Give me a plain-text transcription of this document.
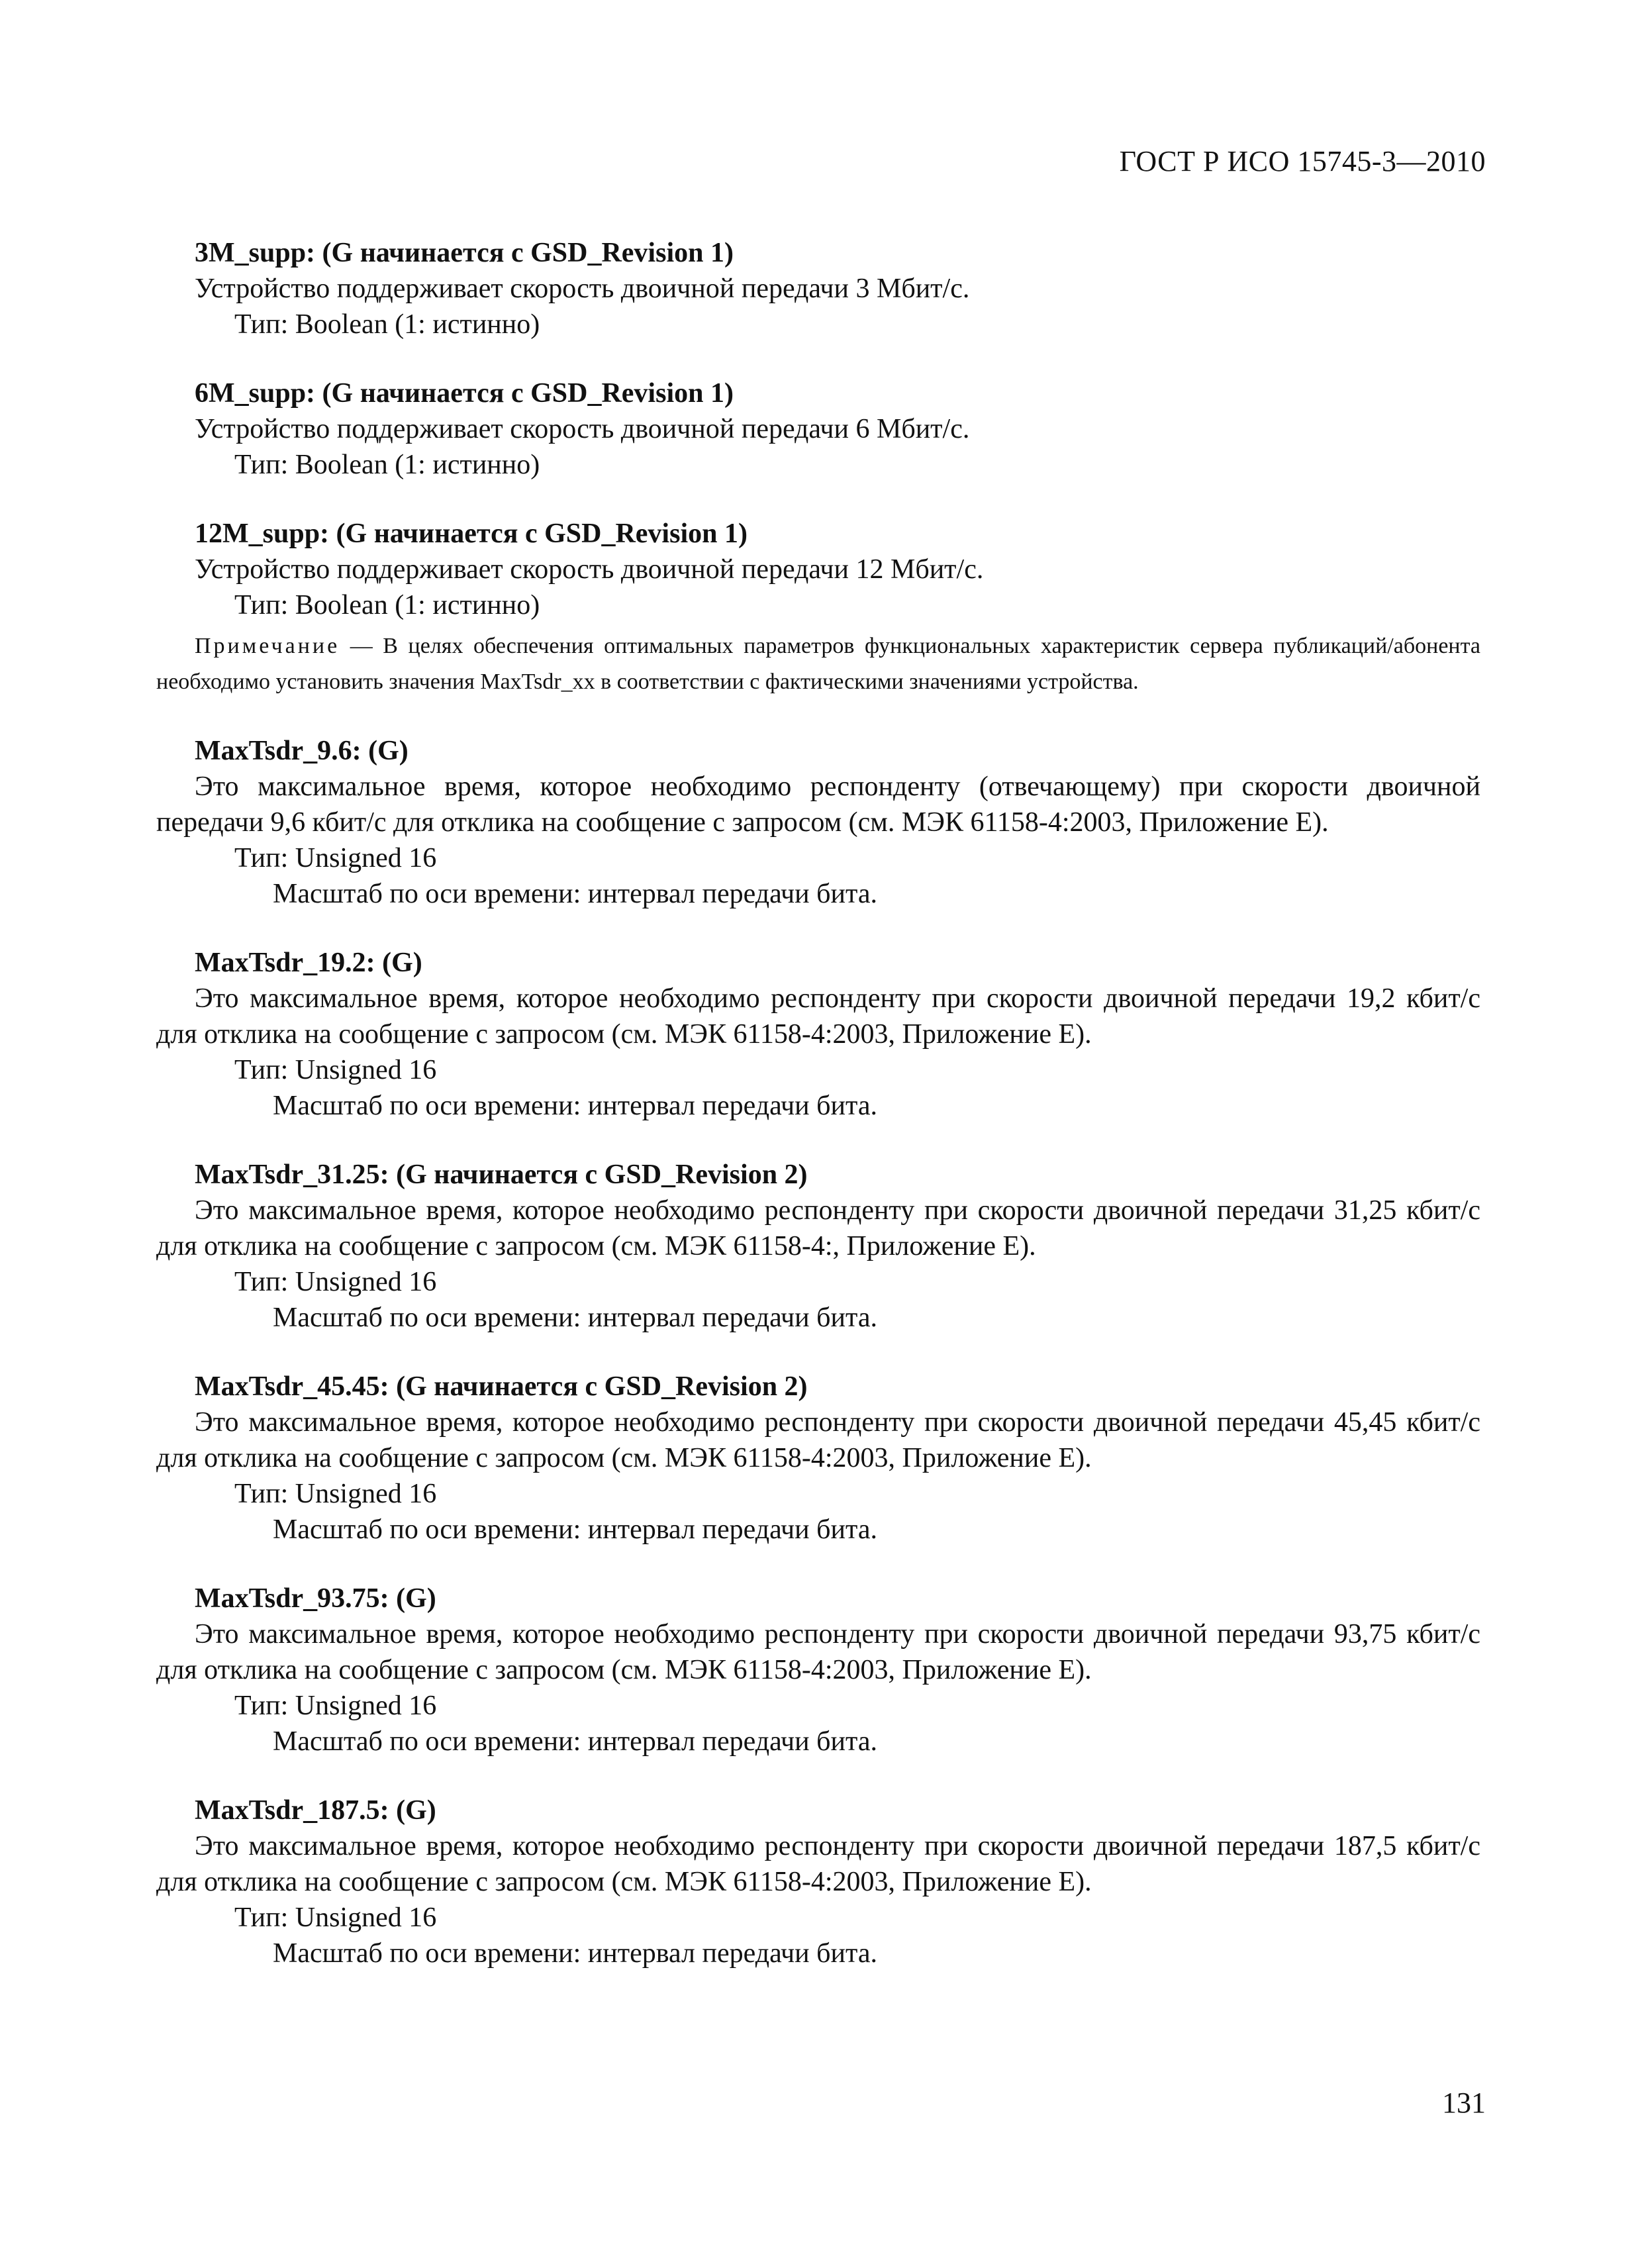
ГОСТ Р ИСО 15745-3—2010
3M_supp: (G начинается с GSD_Revision 1)
Устройство поддерживает скорость двоичной передачи 3 Мбит/с.
Тип: Boolean (1: истинно)
6M_supp: (G начинается с GSD_Revision 1)
Устройство поддерживает скорость двоичной передачи 6 Мбит/с.
Тип: Boolean (1: истинно)
12M_supp: (G начинается с GSD_Revision 1)
Устройство поддерживает скорость двоичной передачи 12 Мбит/с.
Тип: Boolean (1: истинно)
Примечание — В целях обеспечения оптимальных параметров функциональных характеристик сервера публикаций/абонента необходимо установить значения MaxTsdr_xx в соответствии с фактическими значениями устройства.
MaxTsdr_9.6: (G)
Это максимальное время, которое необходимо респонденту (отвечающему) при скорости двоичной передачи 9,6 кбит/с для отклика на сообщение с запросом (см. МЭК 61158-4:2003, Приложение Е).
Тип: Unsigned 16
Масштаб по оси времени: интервал передачи бита.
MaxTsdr_19.2: (G)
Это максимальное время, которое необходимо респонденту при скорости двоичной передачи 19,2 кбит/с для отклика на сообщение с запросом (см. МЭК 61158-4:2003, Приложение Е).
Тип: Unsigned 16
Масштаб по оси времени: интервал передачи бита.
MaxTsdr_31.25: (G начинается с GSD_Revision 2)
Это максимальное время, которое необходимо респонденту при скорости двоичной передачи 31,25 кбит/с для отклика на сообщение с запросом (см. МЭК 61158-4:, Приложение Е).
Тип: Unsigned 16
Масштаб по оси времени: интервал передачи бита.
MaxTsdr_45.45: (G начинается с GSD_Revision 2)
Это максимальное время, которое необходимо респонденту при скорости двоичной передачи 45,45 кбит/с для отклика на сообщение с запросом (см. МЭК 61158-4:2003, Приложение Е).
Тип: Unsigned 16
Масштаб по оси времени: интервал передачи бита.
MaxTsdr_93.75: (G)
Это максимальное время, которое необходимо респонденту при скорости двоичной передачи 93,75 кбит/с для отклика на сообщение с запросом (см. МЭК 61158-4:2003, Приложение Е).
Тип: Unsigned 16
Масштаб по оси времени: интервал передачи бита.
MaxTsdr_187.5: (G)
Это максимальное время, которое необходимо респонденту при скорости двоичной передачи 187,5 кбит/с для отклика на сообщение с запросом (см. МЭК 61158-4:2003, Приложение Е).
Тип: Unsigned 16
Масштаб по оси времени: интервал передачи бита.
131
